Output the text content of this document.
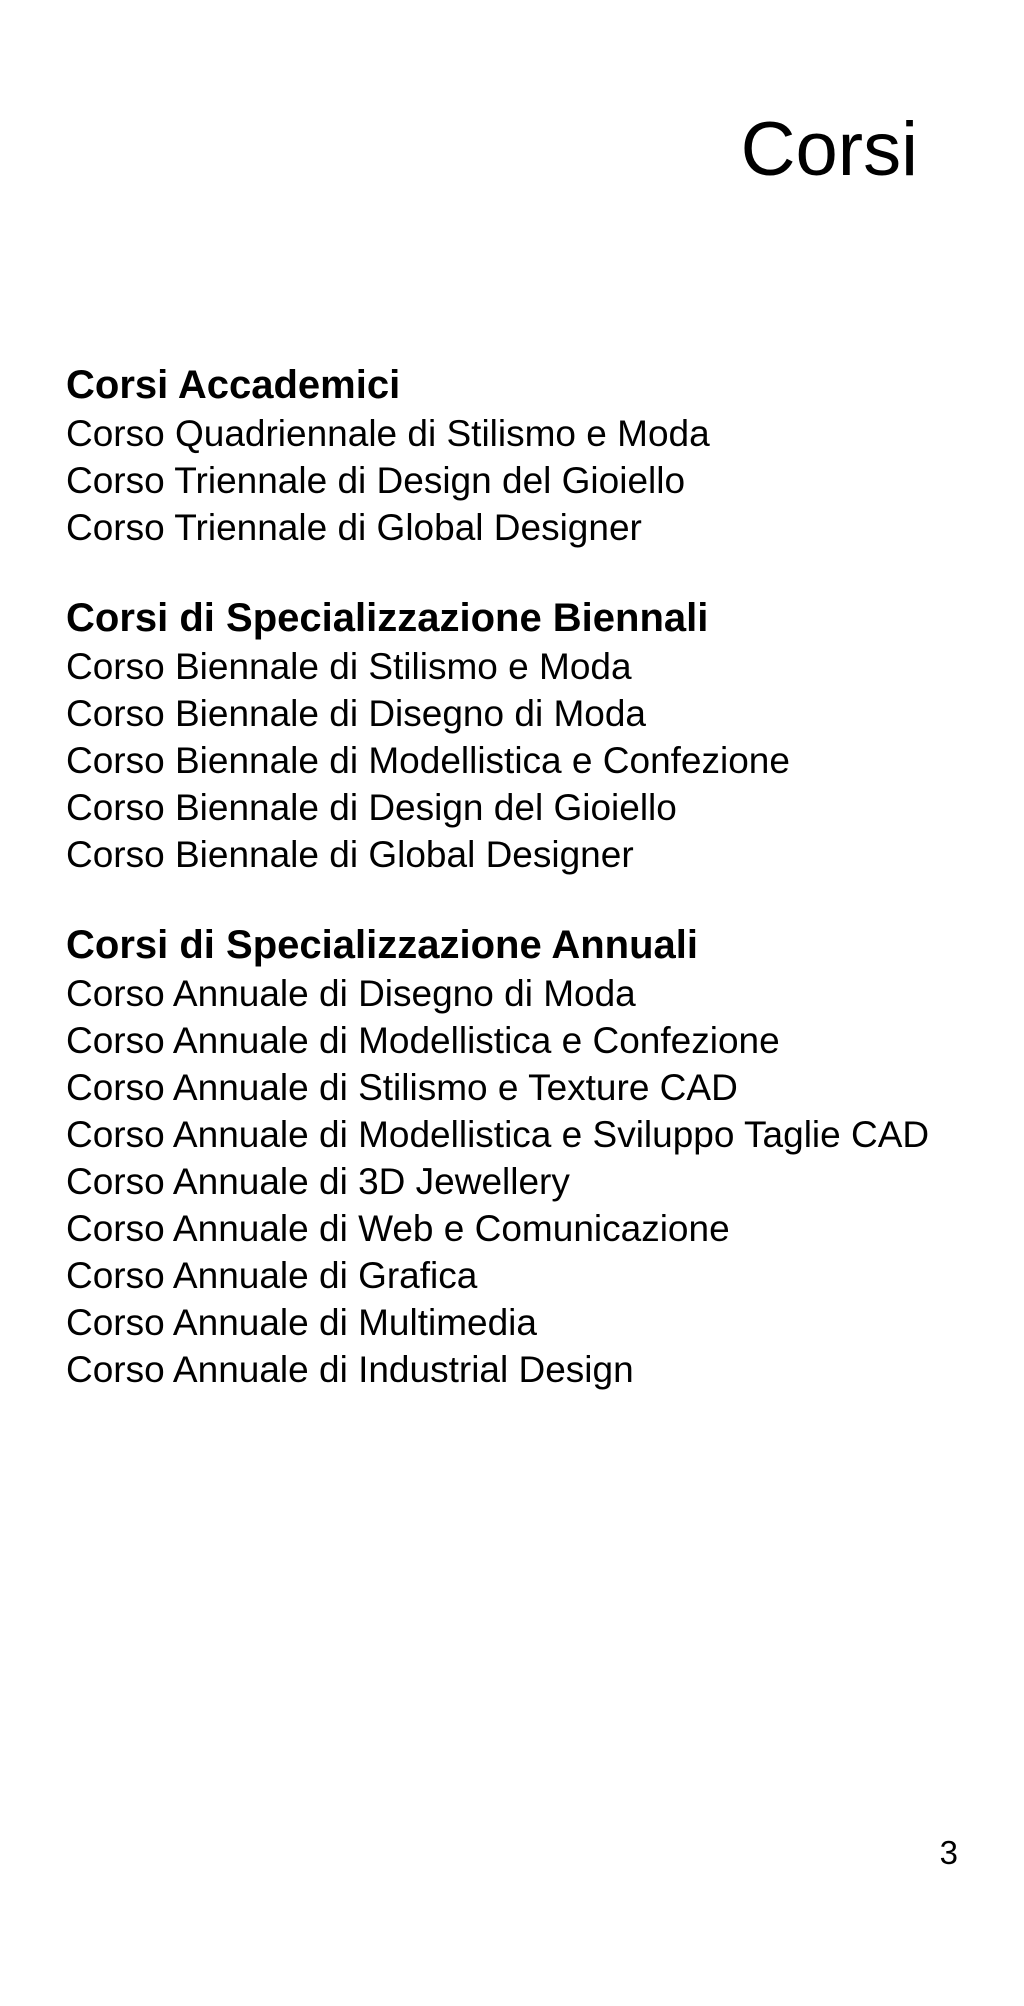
Corsi
Corsi Accademici
Corso Quadriennale di Stilismo e Moda
Corso Triennale di Design del Gioiello
Corso Triennale di Global Designer
Corsi di Specializzazione Biennali
Corso Biennale di Stilismo e Moda
Corso Biennale di Disegno di Moda
Corso Biennale di Modellistica e Confezione
Corso Biennale di Design del Gioiello
Corso Biennale di Global Designer
Corsi di Specializzazione Annuali
Corso Annuale di Disegno di Moda
Corso Annuale di Modellistica e Confezione
Corso Annuale di Stilismo e Texture CAD
Corso Annuale di Modellistica e Sviluppo Taglie CAD
Corso Annuale di 3D Jewellery
Corso Annuale di Web e Comunicazione
Corso Annuale di Grafica
Corso Annuale di Multimedia
Corso Annuale di Industrial Design
3
